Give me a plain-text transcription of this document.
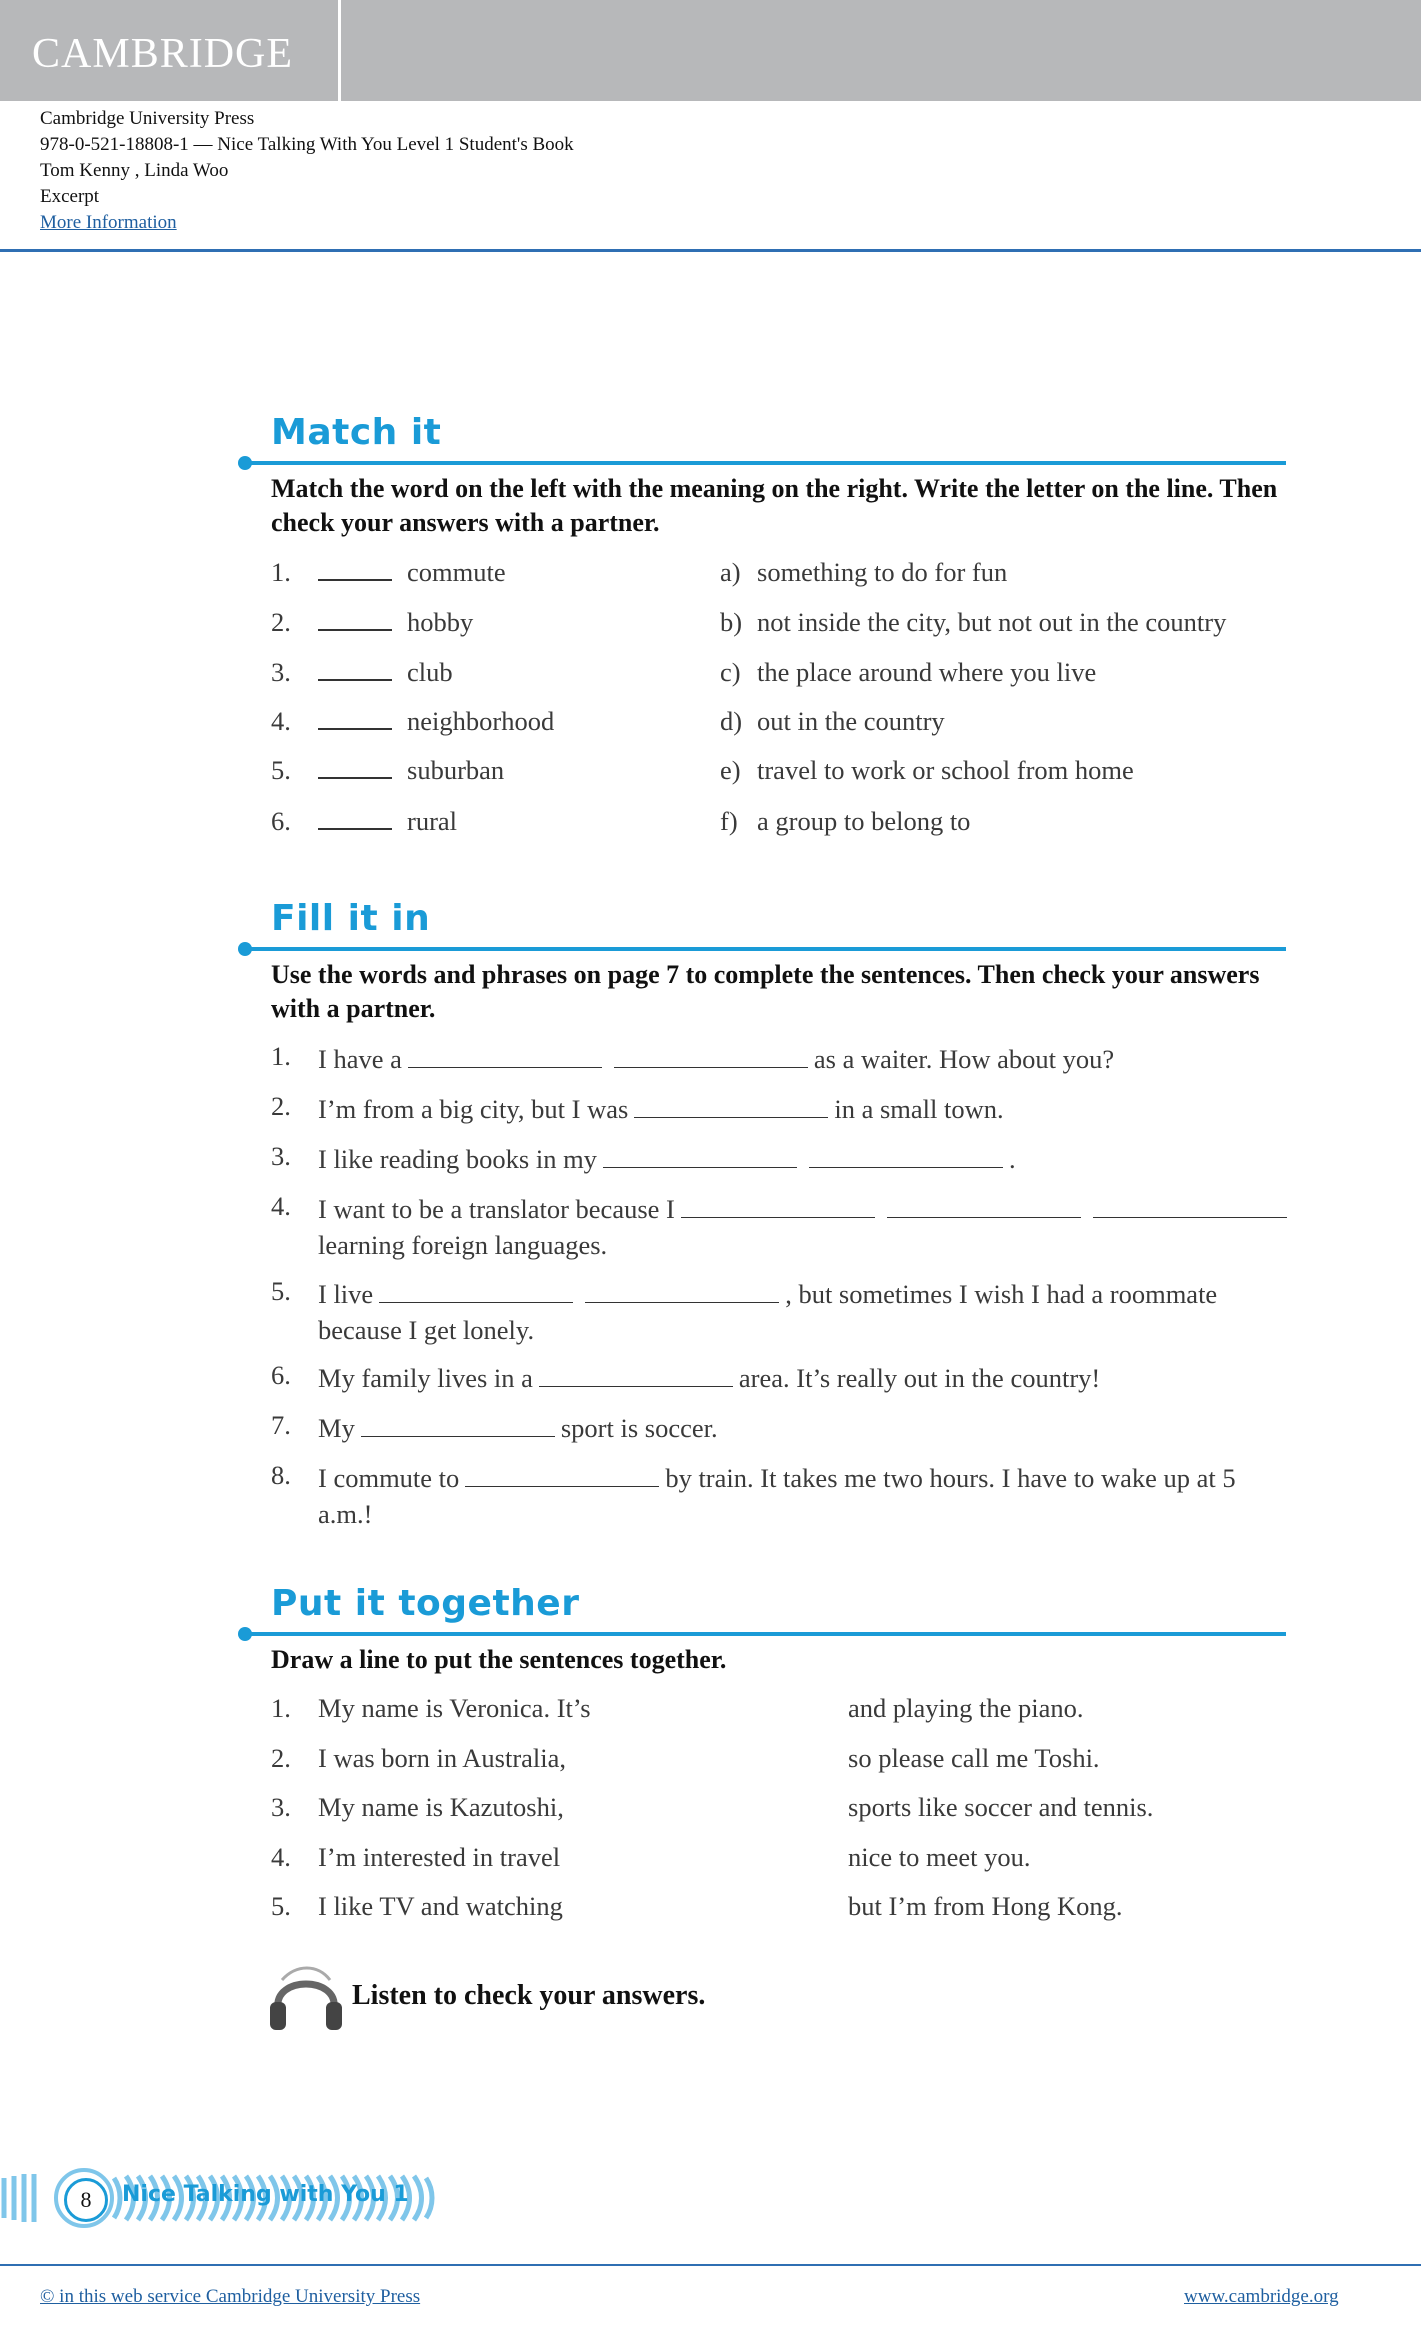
CAMBRIDGE
Cambridge University Press
978-0-521-18808-1 — Nice Talking With You Level 1 Student's Book
Tom Kenny , Linda Woo
Excerpt
More Information
Match it
Match the word on the left with the meaning on the right. Write the letter on the line. Then check your answers with a partner.
1.	commute	a) something to do for fun
2.	hobby	b) not inside the city, but not out in the country
3.	club	c) the place around where you live
4.	neighborhood	d) out in the country
5.	suburban	e) travel to work or school from home
6.	rural	f) a group to belong to
Fill it in
Use the words and phrases on page 7 to complete the sentences. Then check your answers with a partner.
1. I have a	as a waiter. How about you?
2. I’m from a big city, but I was	in a small town.
3. I like reading books in my	.
4. I want to be a translator because Ilearning foreign languages.
5. I live	, but sometimes I wish I had a roommate because I get lonely.
6. My family lives in a	area. It’s really out in the country!
7. My	sport is soccer.
8. I commute to	by train. It takes me two hours. I have to wake up at 5 a.m.!
Put it together
Draw a line to put the sentences together.
1. My name is Veronica. It’s	and playing the piano.
2. I was born in Australia,	so please call me Toshi.
3. My name is Kazutoshi,	sports like soccer and tennis.
4. I’m interested in travel	nice to meet you.
5. I like TV and watching	but I’m from Hong Kong.
Listen to check your answers.
8	Nice Talking with You 1
© in this web service Cambridge University Press	www.cambridge.org
